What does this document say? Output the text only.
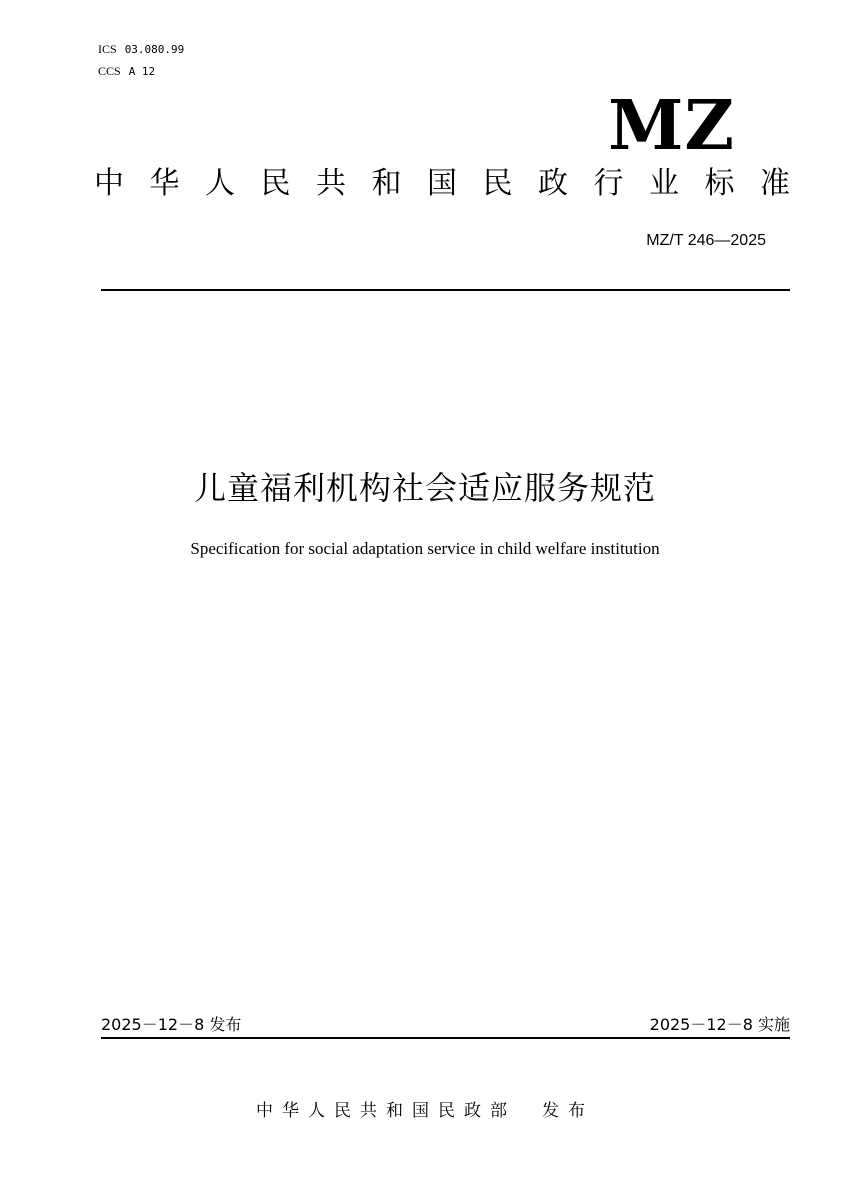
ICS 03.080.99
CCS A 12
MZ
中 华 人 民 共 和 国 民 政 行 业 标 准
MZ/T 246—2025
儿童福利机构社会适应服务规范
Specification for social adaptation service in child welfare institution
2025－12－8 发布	2025－12－8 实施
中华人民共和国民政部 发布
